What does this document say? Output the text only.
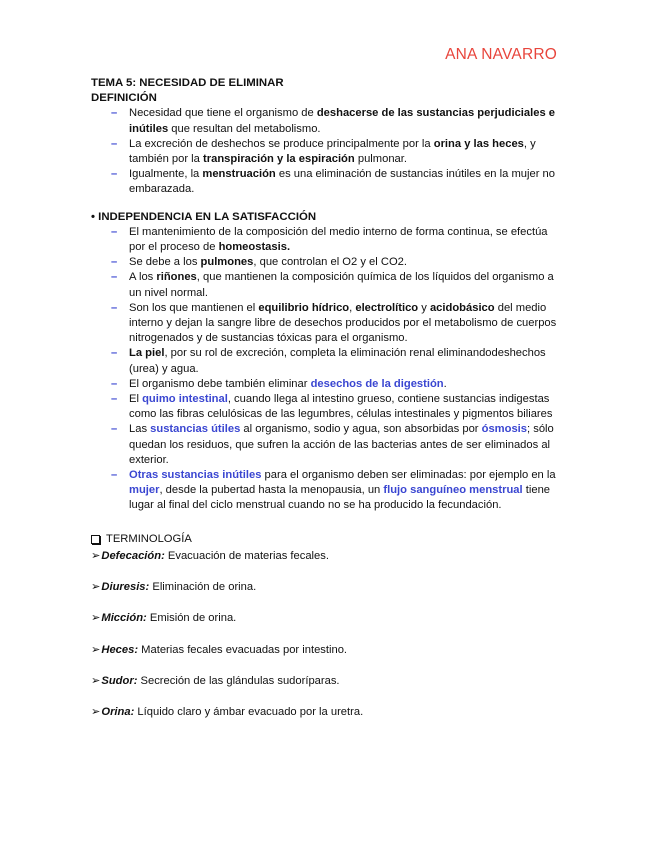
ANA NAVARRO

TEMA 5: NECESIDAD DE ELIMINAR

DEFINICIÓN

– Necesidad que tiene el organismo de deshacerse de las sustancias perjudiciales e inútiles que resultan del metabolismo.
– La excreción de deshechos se produce principalmente por la orina y las heces, y también por la transpiración y la espiración pulmonar.
– Igualmente, la menstruación es una eliminación de sustancias inútiles en la mujer no embarazada.

• INDEPENDENCIA EN LA SATISFACCIÓN

– El mantenimiento de la composición del medio interno de forma continua, se efectúa por el proceso de homeostasis.
– Se debe a los pulmones, que controlan el O2 y el CO2.
– A los riñones, que mantienen la composición química de los líquidos del organismo a un nivel normal.
– Son los que mantienen el equilibrio hídrico, electrolítico y acidobásico del medio interno y dejan la sangre libre de desechos producidos por el metabolismo de cuerpos nitrogenados y de sustancias tóxicas para el organismo.
– La piel, por su rol de excreción, completa la eliminación renal eliminandodeshechos (urea) y agua.
– El organismo debe también eliminar desechos de la digestión.
– El quimo intestinal, cuando llega al intestino grueso, contiene sustancias indigestas como las fibras celulósicas de las legumbres, células intestinales y pigmentos biliares
– Las sustancias útiles al organismo, sodio y agua, son absorbidas por ósmosis; sólo quedan los residuos, que sufren la acción de las bacterias antes de ser eliminados al exterior.
– Otras sustancias inútiles para el organismo deben ser eliminadas: por ejemplo en la mujer, desde la pubertad hasta la menopausia, un flujo sanguíneo menstrual tiene lugar al final del ciclo menstrual cuando no se ha producido la fecundación.
TERMINOLOGÍA

➢Defecación: Evacuación de materias fecales.

➢Diuresis: Eliminación de orina.

➢Micción: Emisión de orina.

➢Heces: Materias fecales evacuadas por intestino.

➢Sudor: Secreción de las glándulas sudoríparas.

➢Orina: Líquido claro y ámbar evacuado por la uretra.
